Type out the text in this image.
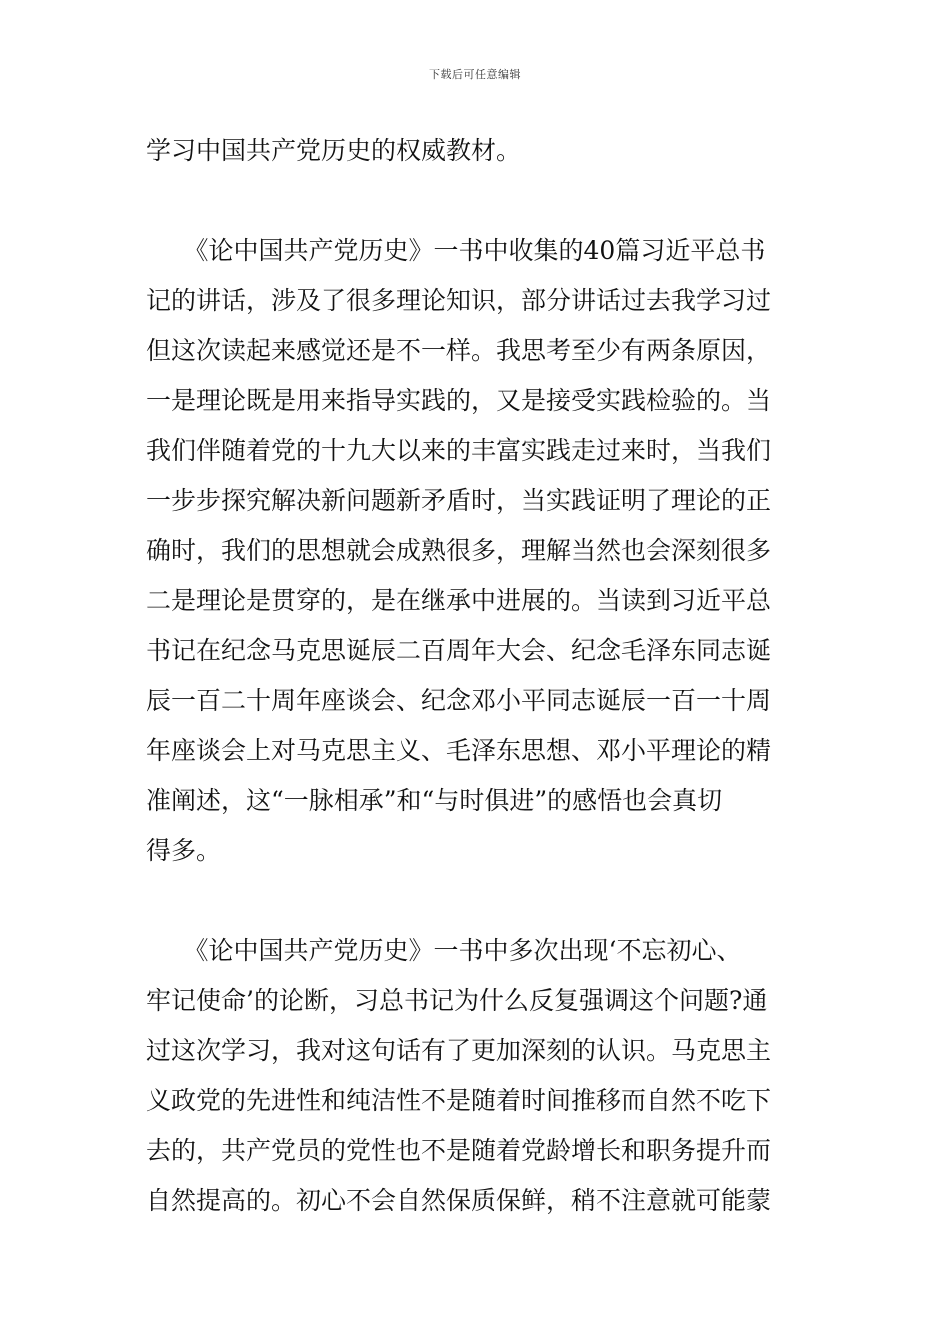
下载后可任意编辑
学习中国共产党历史的权威教材。
　　《论中国共产党历史》一书中收集的40篇习近平总书
记的讲话，涉及了很多理论知识，部分讲话过去我学习过
但这次读起来感觉还是不一样。我思考至少有两条原因，
一是理论既是用来指导实践的，又是接受实践检验的。当
我们伴随着党的十九大以来的丰富实践走过来时，当我们
一步步探究解决新问题新矛盾时，当实践证明了理论的正
确时，我们的思想就会成熟很多，理解当然也会深刻很多
二是理论是贯穿的，是在继承中进展的。当读到习近平总
书记在纪念马克思诞辰二百周年大会、纪念毛泽东同志诞
辰一百二十周年座谈会、纪念邓小平同志诞辰一百一十周
年座谈会上对马克思主义、毛泽东思想、邓小平理论的精
准阐述，这“一脉相承”和“与时俱进”的感悟也会真切
得多。
　　《论中国共产党历史》一书中多次出现‘不忘初心、
牢记使命’的论断，习总书记为什么反复强调这个问题?通
过这次学习，我对这句话有了更加深刻的认识。马克思主
义政党的先进性和纯洁性不是随着时间推移而自然不吃下
去的，共产党员的党性也不是随着党龄增长和职务提升而
自然提高的。初心不会自然保质保鲜，稍不注意就可能蒙
